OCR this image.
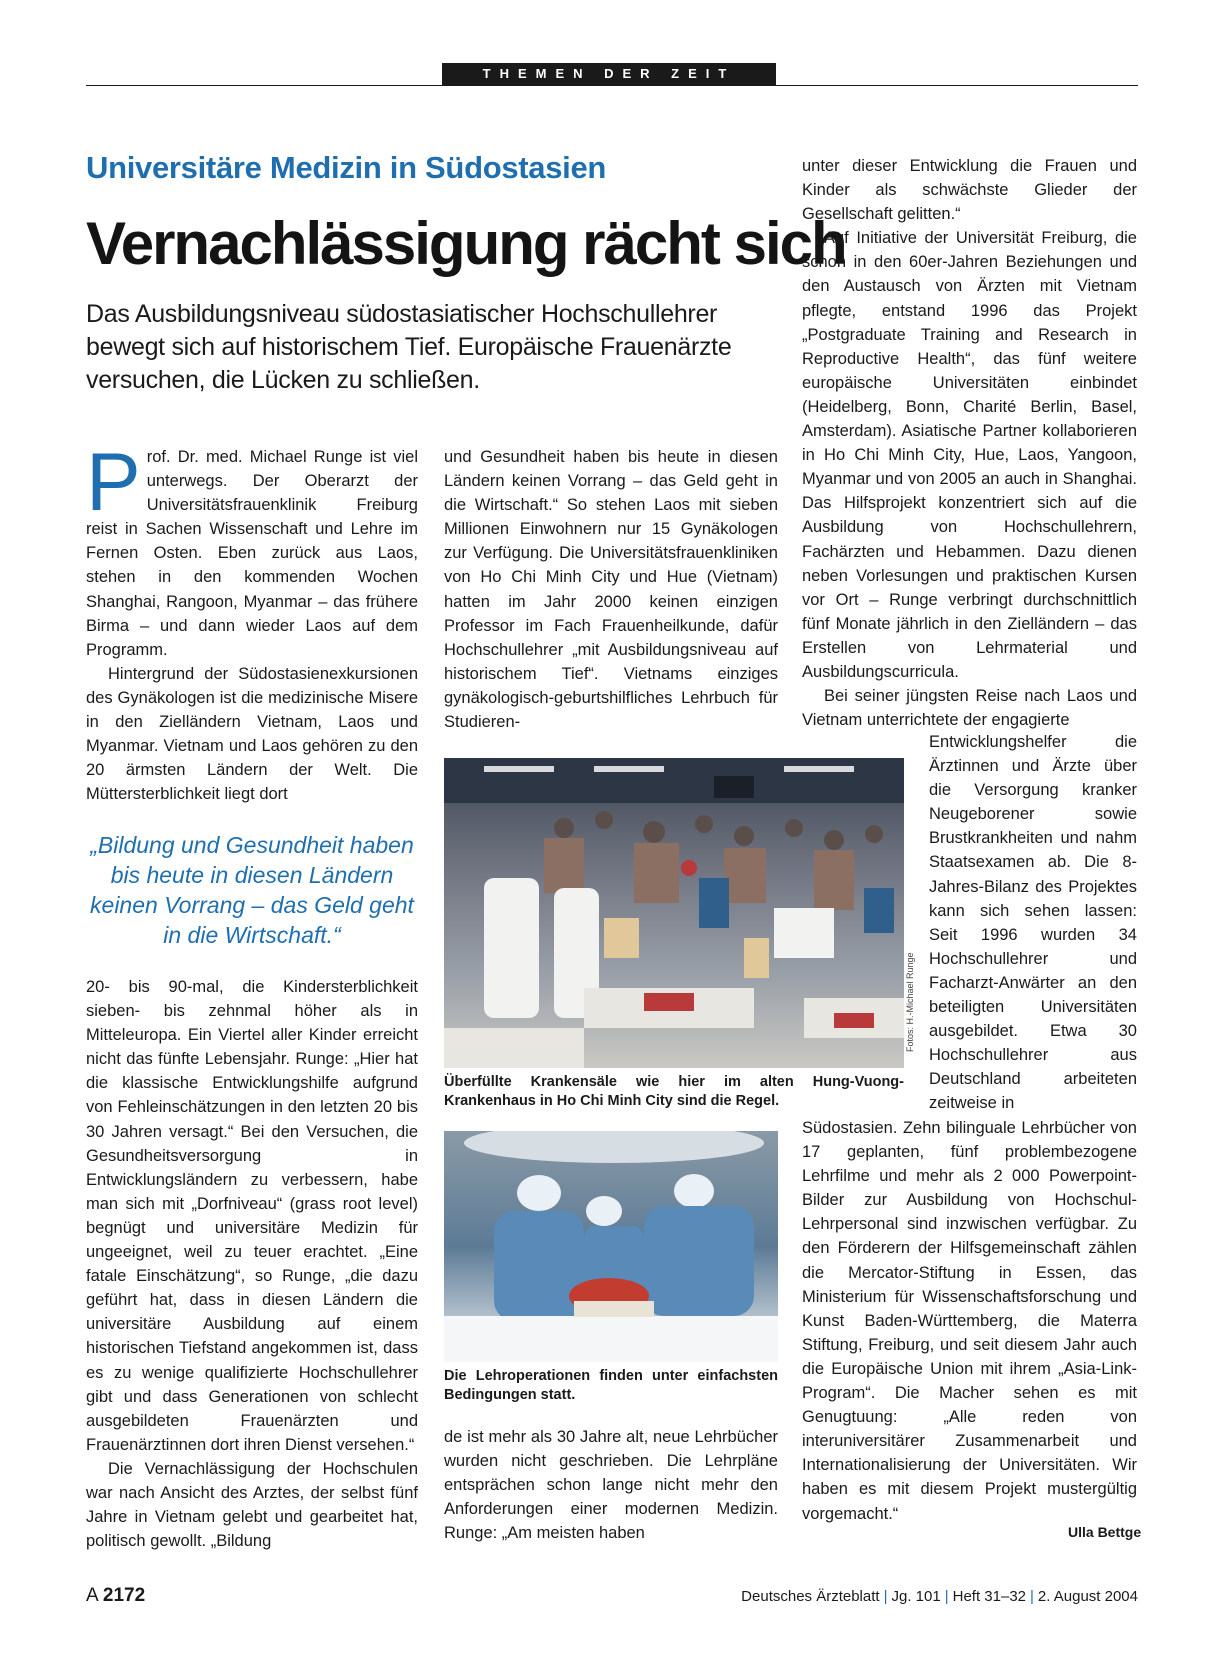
THEMEN DER ZEIT
Universitäre Medizin in Südostasien
Vernachlässigung rächt sich

Das Ausbildungsniveau südostasiatischer Hochschullehrer bewegt sich auf historischem Tief. Europäische Frauenärzte versuchen, die Lücken zu schließen.

Prof. Dr. med. Michael Runge ist viel unterwegs. Der Oberarzt der Universitätsfrauenklinik Freiburg reist in Sachen Wissenschaft und Lehre im Fernen Osten. Eben zurück aus Laos, stehen in den kommenden Wochen Shanghai, Rangoon, Myanmar – das frühere Birma – und dann wieder Laos auf dem Programm.

Hintergrund der Südostasienexkursionen des Gynäkologen ist die medizinische Misere in den Zielländern Vietnam, Laos und Myanmar. Vietnam und Laos gehören zu den 20 ärmsten Ländern der Welt. Die Müttersterblichkeit liegt dort

„Bildung und Gesundheit haben bis heute in diesen Ländern keinen Vorrang – das Geld geht in die Wirtschaft.“

20- bis 90-mal, die Kindersterblichkeit sieben- bis zehnmal höher als in Mitteleuropa. Ein Viertel aller Kinder erreicht nicht das fünfte Lebensjahr. Runge: „Hier hat die klassische Entwicklungshilfe aufgrund von Fehleinschätzungen in den letzten 20 bis 30 Jahren versagt.“ Bei den Versuchen, die Gesundheitsversorgung in Entwicklungsländern zu verbessern, habe man sich mit „Dorfniveau“ (grass root level) begnügt und universitäre Medizin für ungeeignet, weil zu teuer erachtet. „Eine fatale Einschätzung“, so Runge, „die dazu geführt hat, dass in diesen Ländern die universitäre Ausbildung auf einem historischen Tiefstand angekommen ist, dass es zu wenige qualifizierte Hochschullehrer gibt und dass Generationen von schlecht ausgebildeten Frauenärzten und Frauenärztinnen dort ihren Dienst versehen.“

Die Vernachlässigung der Hochschulen war nach Ansicht des Arztes, der selbst fünf Jahre in Vietnam gelebt und gearbeitet hat, politisch gewollt. „Bildung

und Gesundheit haben bis heute in diesen Ländern keinen Vorrang – das Geld geht in die Wirtschaft.“ So stehen Laos mit sieben Millionen Einwohnern nur 15 Gynäkologen zur Verfügung. Die Universitätsfrauenkliniken von Ho Chi Minh City und Hue (Vietnam) hatten im Jahr 2000 keinen einzigen Professor im Fach Frauenheilkunde, dafür Hochschullehrer „mit Ausbildungsniveau auf historischem Tief“. Vietnams einziges gynäkologisch-geburtshilfliches Lehrbuch für Studieren-

Fotos: H.-Michael Runge
Überfüllte Krankensäle wie hier im alten Hung-Vuong-Krankenhaus in Ho Chi Minh City sind die Regel.
Die Lehroperationen finden unter einfachsten Bedingungen statt.

de ist mehr als 30 Jahre alt, neue Lehrbücher wurden nicht geschrieben. Die Lehrpläne entsprächen schon lange nicht mehr den Anforderungen einer modernen Medizin. Runge: „Am meisten haben

unter dieser Entwicklung die Frauen und Kinder als schwächste Glieder der Gesellschaft gelitten.“

Auf Initiative der Universität Freiburg, die schon in den 60er-Jahren Beziehungen und den Austausch von Ärzten mit Vietnam pflegte, entstand 1996 das Projekt „Postgraduate Training and Research in Reproductive Health“, das fünf weitere europäische Universitäten einbindet (Heidelberg, Bonn, Charité Berlin, Basel, Amsterdam). Asiatische Partner kollaborieren in Ho Chi Minh City, Hue, Laos, Yangoon, Myanmar und von 2005 an auch in Shanghai. Das Hilfsprojekt konzentriert sich auf die Ausbildung von Hochschullehrern, Fachärzten und Hebammen. Dazu dienen neben Vorlesungen und praktischen Kursen vor Ort – Runge verbringt durchschnittlich fünf Monate jährlich in den Zielländern – das Erstellen von Lehrmaterial und Ausbildungscurricula.

Bei seiner jüngsten Reise nach Laos und Vietnam unterrichtete der engagierte

Entwicklungshelfer die Ärztinnen und Ärzte über die Versorgung kranker Neugeborener sowie Brustkrankheiten und nahm Staatsexamen ab. Die 8-Jahres-Bilanz des Projektes kann sich sehen lassen: Seit 1996 wurden 34 Hochschullehrer und Facharzt-Anwärter an den beteiligten Universitäten ausgebildet. Etwa 30 Hochschullehrer aus Deutschland arbeiteten zeitweise in

Südostasien. Zehn bilinguale Lehrbücher von 17 geplanten, fünf problembezogene Lehrfilme und mehr als 2 000 Powerpoint-Bilder zur Ausbildung von Hochschul-Lehrpersonal sind inzwischen verfügbar. Zu den Förderern der Hilfsgemeinschaft zählen die Mercator-Stiftung in Essen, das Ministerium für Wissenschaftsforschung und Kunst Baden-Württemberg, die Materra Stiftung, Freiburg, und seit diesem Jahr auch die Europäische Union mit ihrem „Asia-Link-Program“. Die Macher sehen es mit Genugtuung: „Alle reden von interuniversitärer Zusammenarbeit und Internationalisierung der Universitäten. Wir haben es mit diesem Projekt mustergültig vorgemacht.“

Ulla Bettge
A 2172	Deutsches Ärzteblatt | Jg. 101 | Heft 31–32 | 2. August 2004
